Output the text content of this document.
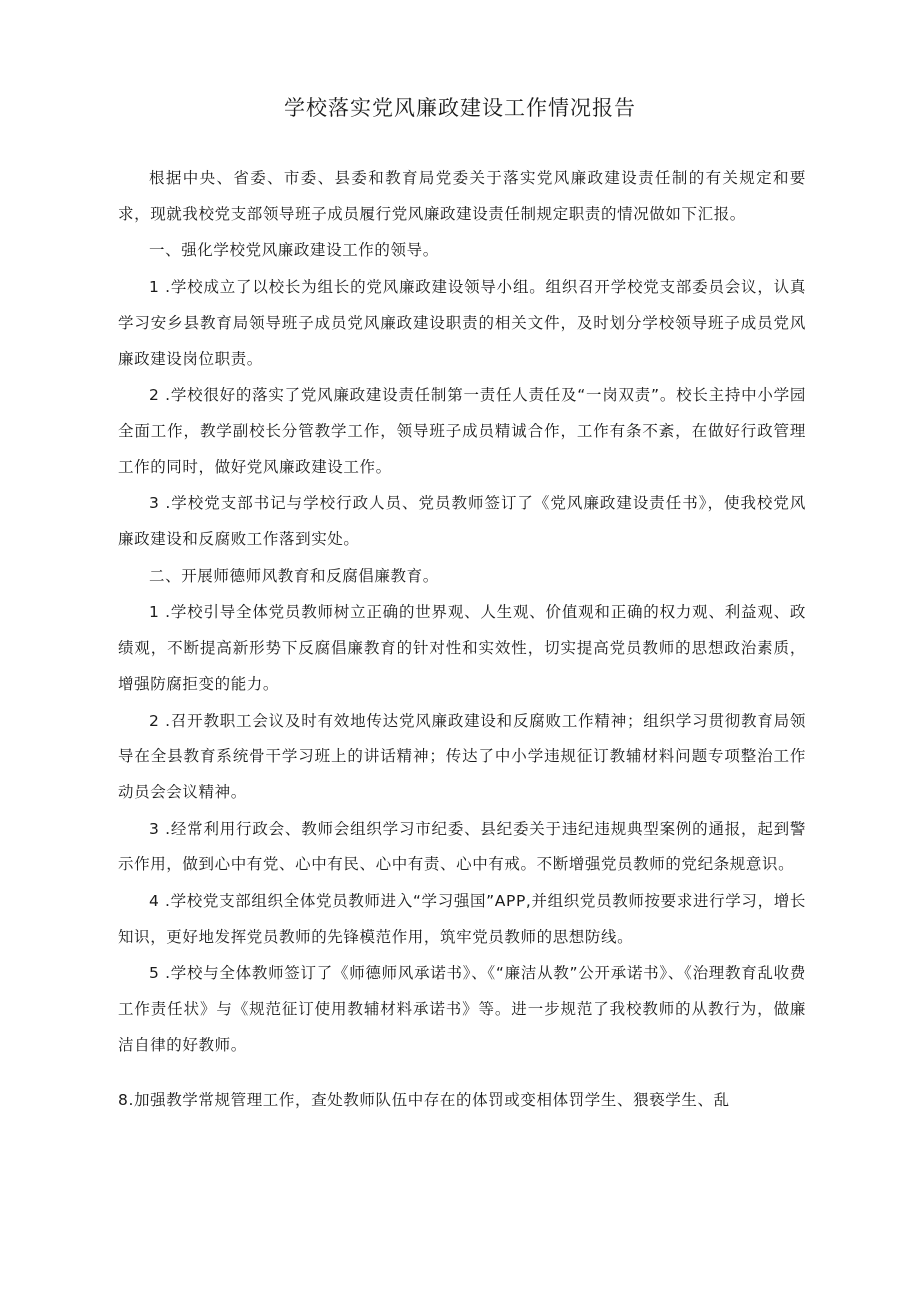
学校落实党风廉政建设工作情况报告

根据中央、省委、市委、县委和教育局党委关于落实党风廉政建设责任制的有关规定和要求，现就我校党支部领导班子成员履行党风廉政建设责任制规定职责的情况做如下汇报。

一、强化学校党风廉政建设工作的领导。

1 .学校成立了以校长为组长的党风廉政建设领导小组。组织召开学校党支部委员会议，认真学习安乡县教育局领导班子成员党风廉政建设职责的相关文件，及时划分学校领导班子成员党风廉政建设岗位职责。

2 .学校很好的落实了党风廉政建设责任制第一责任人责任及“一岗双责”。校长主持中小学园全面工作，教学副校长分管教学工作，领导班子成员精诚合作，工作有条不紊，在做好行政管理工作的同时，做好党风廉政建设工作。

3 .学校党支部书记与学校行政人员、党员教师签订了《党风廉政建设责任书》，使我校党风廉政建设和反腐败工作落到实处。

二、开展师德师风教育和反腐倡廉教育。

1 .学校引导全体党员教师树立正确的世界观、人生观、价值观和正确的权力观、利益观、政绩观，不断提高新形势下反腐倡廉教育的针对性和实效性，切实提高党员教师的思想政治素质，增强防腐拒变的能力。

2 .召开教职工会议及时有效地传达党风廉政建设和反腐败工作精神；组织学习贯彻教育局领导在全县教育系统骨干学习班上的讲话精神；传达了中小学违规征订教辅材料问题专项整治工作动员会会议精神。

3 .经常利用行政会、教师会组织学习市纪委、县纪委关于违纪违规典型案例的通报，起到警示作用，做到心中有党、心中有民、心中有责、心中有戒。不断增强党员教师的党纪条规意识。

4 .学校党支部组织全体党员教师进入“学习强国”APP,并组织党员教师按要求进行学习，增长知识，更好地发挥党员教师的先锋模范作用，筑牢党员教师的思想防线。

5 .学校与全体教师签订了《师德师风承诺书》、《“廉洁从教”公开承诺书》、《治理教育乱收费工作责任状》与《规范征订使用教辅材料承诺书》等。进一步规范了我校教师的从教行为，做廉洁自律的好教师。

8.加强教学常规管理工作，查处教师队伍中存在的体罚或变相体罚学生、猥亵学生、乱
